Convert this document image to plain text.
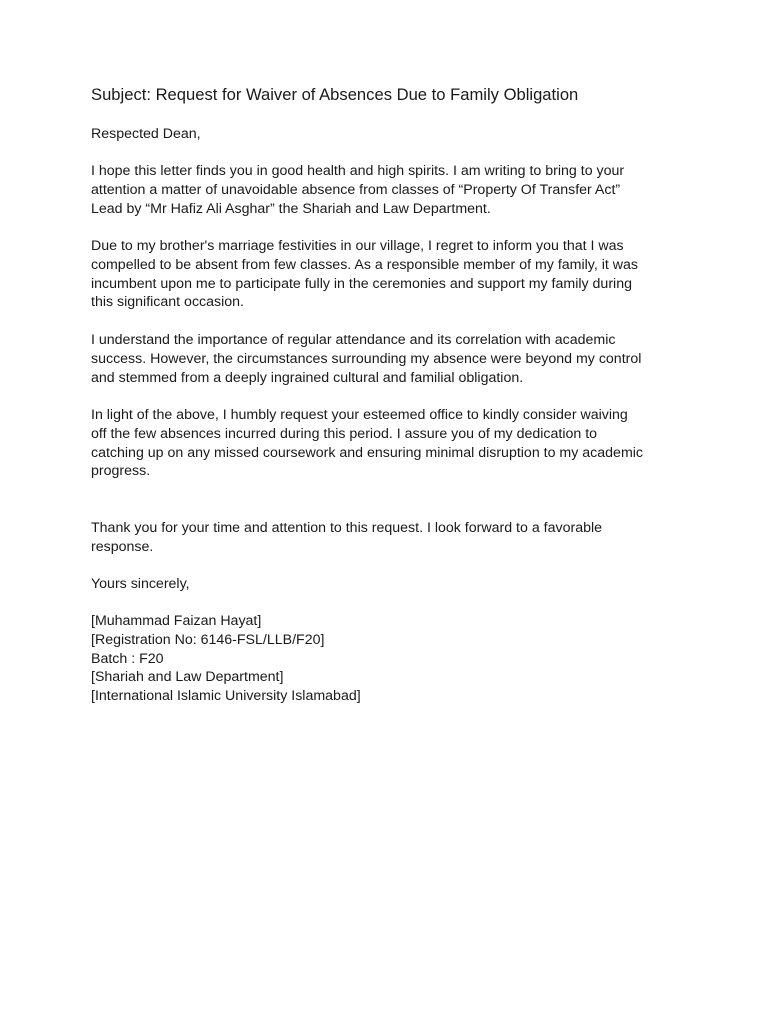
Subject: Request for Waiver of Absences Due to Family Obligation
Respected Dean,
I hope this letter finds you in good health and high spirits. I am writing to bring to your
attention a matter of unavoidable absence from classes of “Property Of Transfer Act”
Lead by “Mr Hafiz Ali Asghar” the Shariah and Law Department.
Due to my brother's marriage festivities in our village, I regret to inform you that I was
compelled to be absent from few classes. As a responsible member of my family, it was
incumbent upon me to participate fully in the ceremonies and support my family during
this significant occasion.
I understand the importance of regular attendance and its correlation with academic
success. However, the circumstances surrounding my absence were beyond my control
and stemmed from a deeply ingrained cultural and familial obligation.
In light of the above, I humbly request your esteemed office to kindly consider waiving
off the few absences incurred during this period. I assure you of my dedication to
catching up on any missed coursework and ensuring minimal disruption to my academic
progress.
Thank you for your time and attention to this request. I look forward to a favorable
response.
Yours sincerely,
[Muhammad Faizan Hayat]
[Registration No: 6146-FSL/LLB/F20]
Batch : F20
[Shariah and Law Department]
[International Islamic University Islamabad]
